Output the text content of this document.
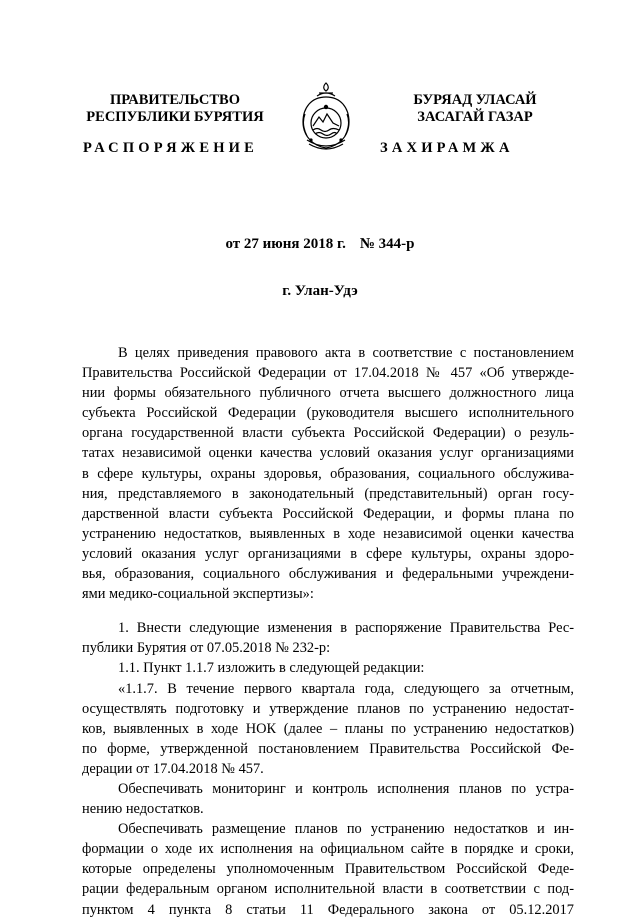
ПРАВИТЕЛЬСТВО
РЕСПУБЛИКИ БУРЯТИЯ
БУРЯАД УЛАСАЙ
ЗАСАГАЙ ГАЗАР
РАСПОРЯЖЕНИЕ	ЗАХИРАМЖА
от 27 июня 2018 г. № 344-р
г. Улан-Удэ
В целях приведения правового акта в соответствие с постановлением
Правительства Российской Федерации от 17.04.2018 № 457 «Об утвержде-
нии формы обязательного публичного отчета высшего должностного лица
субъекта Российской Федерации (руководителя высшего исполнительного
органа государственной власти субъекта Российской Федерации) о резуль-
татах независимой оценки качества условий оказания услуг организациями
в сфере культуры, охраны здоровья, образования, социального обслужива-
ния, представляемого в законодательный (представительный) орган госу-
дарственной власти субъекта Российской Федерации, и формы плана по
устранению недостатков, выявленных в ходе независимой оценки качества
условий оказания услуг организациями в сфере культуры, охраны здоро-
вья, образования, социального обслуживания и федеральными учреждени-
ями медико-социальной экспертизы»:
1. Внести следующие изменения в распоряжение Правительства Рес-
публики Бурятия от 07.05.2018 № 232-р:
1.1. Пункт 1.1.7 изложить в следующей редакции:
«1.1.7. В течение первого квартала года, следующего за отчетным,
осуществлять подготовку и утверждение планов по устранению недостат-
ков, выявленных в ходе НОК (далее – планы по устранению недостатков)
по форме, утвержденной постановлением Правительства Российской Фе-
дерации от 17.04.2018 № 457.
Обеспечивать мониторинг и контроль исполнения планов по устра-
нению недостатков.
Обеспечивать размещение планов по устранению недостатков и ин-
формации о ходе их исполнения на официальном сайте в порядке и сроки,
которые определены уполномоченным Правительством Российской Феде-
рации федеральным органом исполнительной власти в соответствии с под-
пунктом 4 пункта 8 статьи 11 Федерального закона от 05.12.2017
